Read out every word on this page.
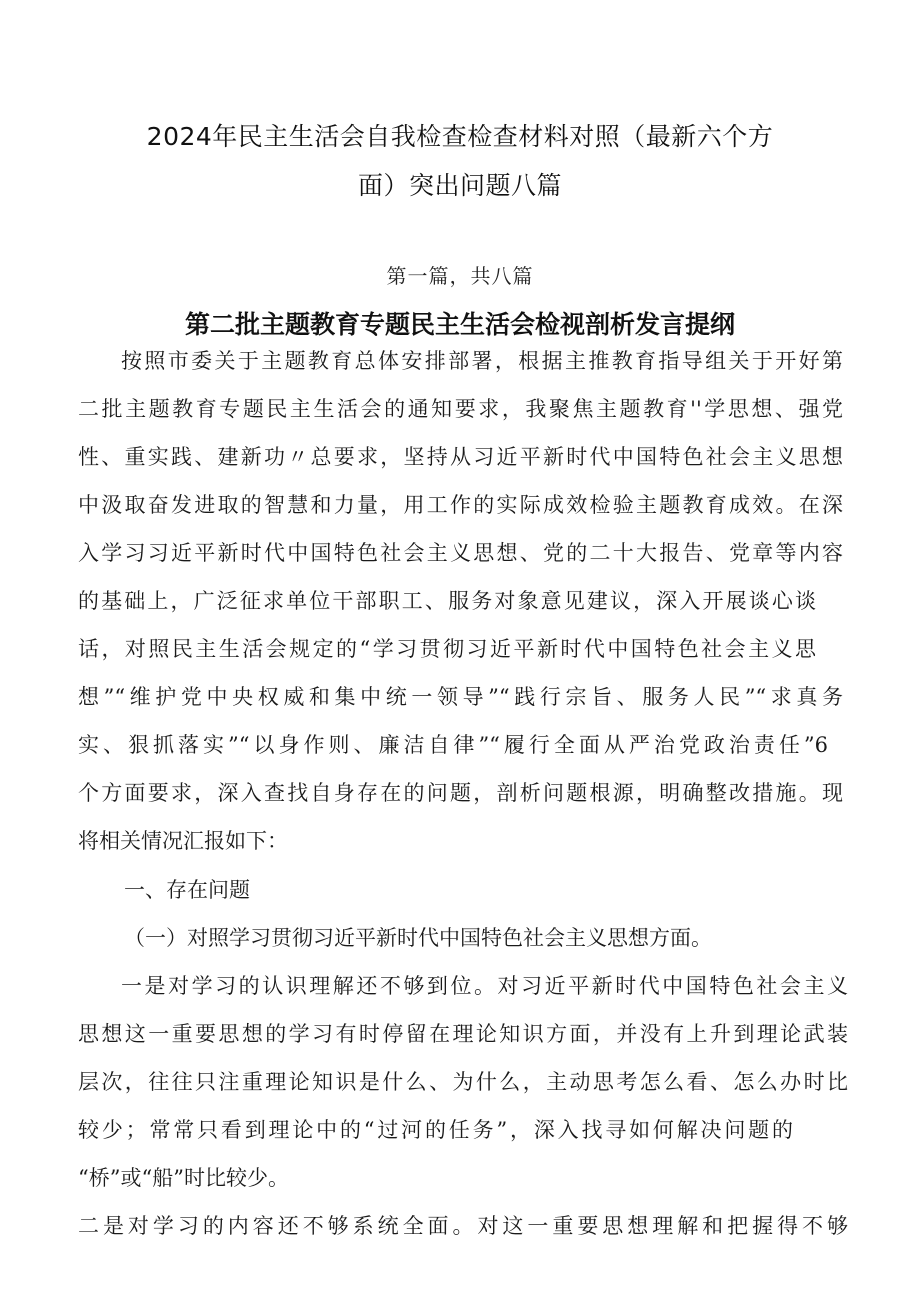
2024年民主生活会自我检查检查材料对照（最新六个方
面）突出问题八篇
第一篇，共八篇
第二批主题教育专题民主生活会检视剖析发言提纲
按照市委关于主题教育总体安排部署，根据主推教育指导组关于开好第
二批主题教育专题民主生活会的通知要求，我聚焦主题教育''学思想、强党
性、重实践、建新功〃总要求，坚持从习近平新时代中国特色社会主义思想
中汲取奋发进取的智慧和力量，用工作的实际成效检验主题教育成效。在深
入学习习近平新时代中国特色社会主义思想、党的二十大报告、党章等内容
的基础上，广泛征求单位干部职工、服务对象意见建议，深入开展谈心谈
话，对照民主生活会规定的“学习贯彻习近平新时代中国特色社会主义思
想”“维护党中央权威和集中统一领导”“践行宗旨、服务人民”“求真务
实、狠抓落实”“以身作则、廉洁自律”“履行全面从严治党政治责任”6
个方面要求，深入查找自身存在的问题，剖析问题根源，明确整改措施。现
将相关情况汇报如下：
一、存在问题
（一）对照学习贯彻习近平新时代中国特色社会主义思想方面。
一是对学习的认识理解还不够到位。对习近平新时代中国特色社会主义
思想这一重要思想的学习有时停留在理论知识方面，并没有上升到理论武装
层次，往往只注重理论知识是什么、为什么，主动思考怎么看、怎么办时比
较少；常常只看到理论中的“过河的任务”，深入找寻如何解决问题的
“桥”或“船”时比较少。
二是对学习的内容还不够系统全面。对这一重要思想理解和把握得不够
